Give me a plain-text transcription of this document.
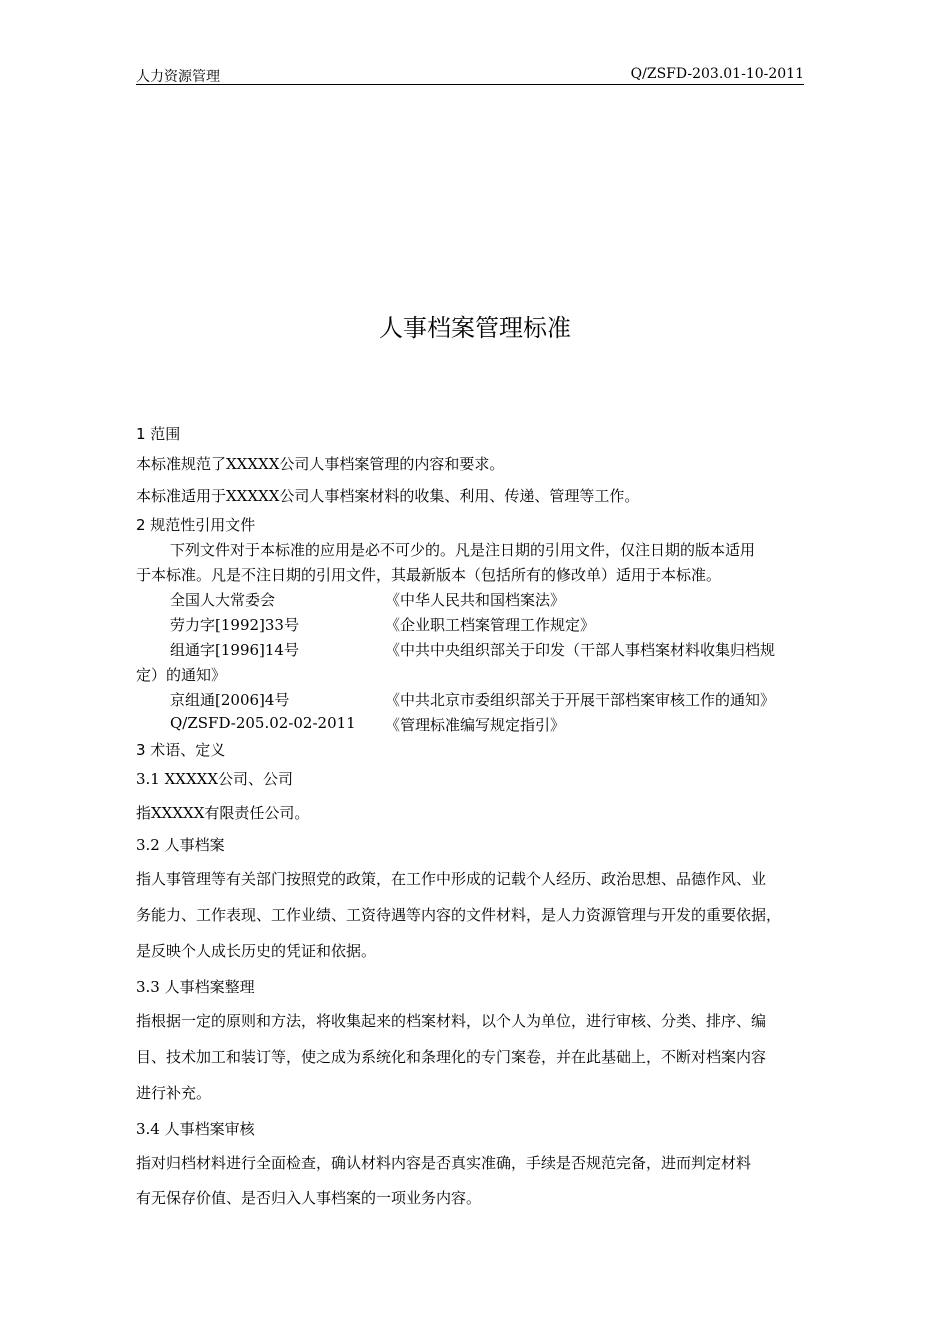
人力资源管理	Q/ZSFD-203.01-10-2011
人事档案管理标准
1 范围
本标准规范了XXXXX公司人事档案管理的内容和要求。
本标准适用于XXXXX公司人事档案材料的收集、利用、传递、管理等工作。
2 规范性引用文件
下列文件对于本标准的应用是必不可少的。凡是注日期的引用文件，仅注日期的版本适用
于本标准。凡是不注日期的引用文件，其最新版本（包括所有的修改单）适用于本标准。
全国人大常委会	《中华人民共和国档案法》
劳力字[1992]33号	《企业职工档案管理工作规定》
组通字[1996]14号	《中共中央组织部关于印发（干部人事档案材料收集归档规
定）的通知》
京组通[2006]4号	《中共北京市委组织部关于开展干部档案审核工作的通知》
Q/ZSFD-205.02-02-2011 《管理标准编写规定指引》
3 术语、定义
3.1 XXXXX公司、公司
指XXXXX有限责任公司。
3.2 人事档案
指人事管理等有关部门按照党的政策，在工作中形成的记载个人经历、政治思想、品德作风、业
务能力、工作表现、工作业绩、工资待遇等内容的文件材料，是人力资源管理与开发的重要依据，
是反映个人成长历史的凭证和依据。
3.3 人事档案整理
指根据一定的原则和方法，将收集起来的档案材料，以个人为单位，进行审核、分类、排序、编
目、技术加工和装订等，使之成为系统化和条理化的专门案卷，并在此基础上，不断对档案内容
进行补充。
3.4 人事档案审核
指对归档材料进行全面检查，确认材料内容是否真实准确，手续是否规范完备，进而判定材料
有无保存价值、是否归入人事档案的一项业务内容。
